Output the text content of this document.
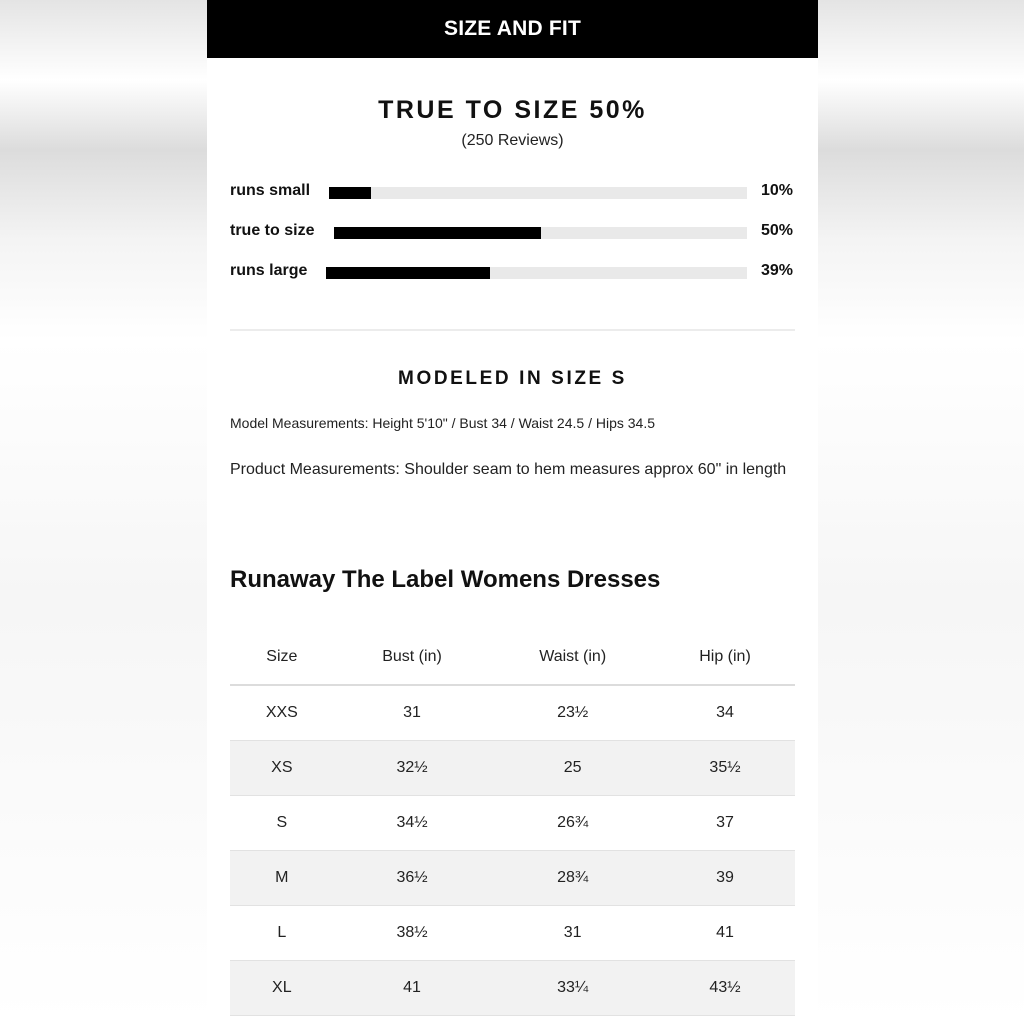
SIZE AND FIT
TRUE TO SIZE 50%
(250 Reviews)
runs small	10%
true to size	50%
runs large	39%
MODELED IN SIZE S
Model Measurements: Height 5'10" / Bust 34 / Waist 24.5 / Hips 34.5
Product Measurements: Shoulder seam to hem measures approx 60" in length
Runaway The Label Womens Dresses
Size	Bust (in)	Waist (in)	Hip (in)
XXS	31	23½	34
XS	32½	25	35½
S	34½	26¾	37
M	36½	28¾	39
L	38½	31	41
XL	41	33¼	43½
